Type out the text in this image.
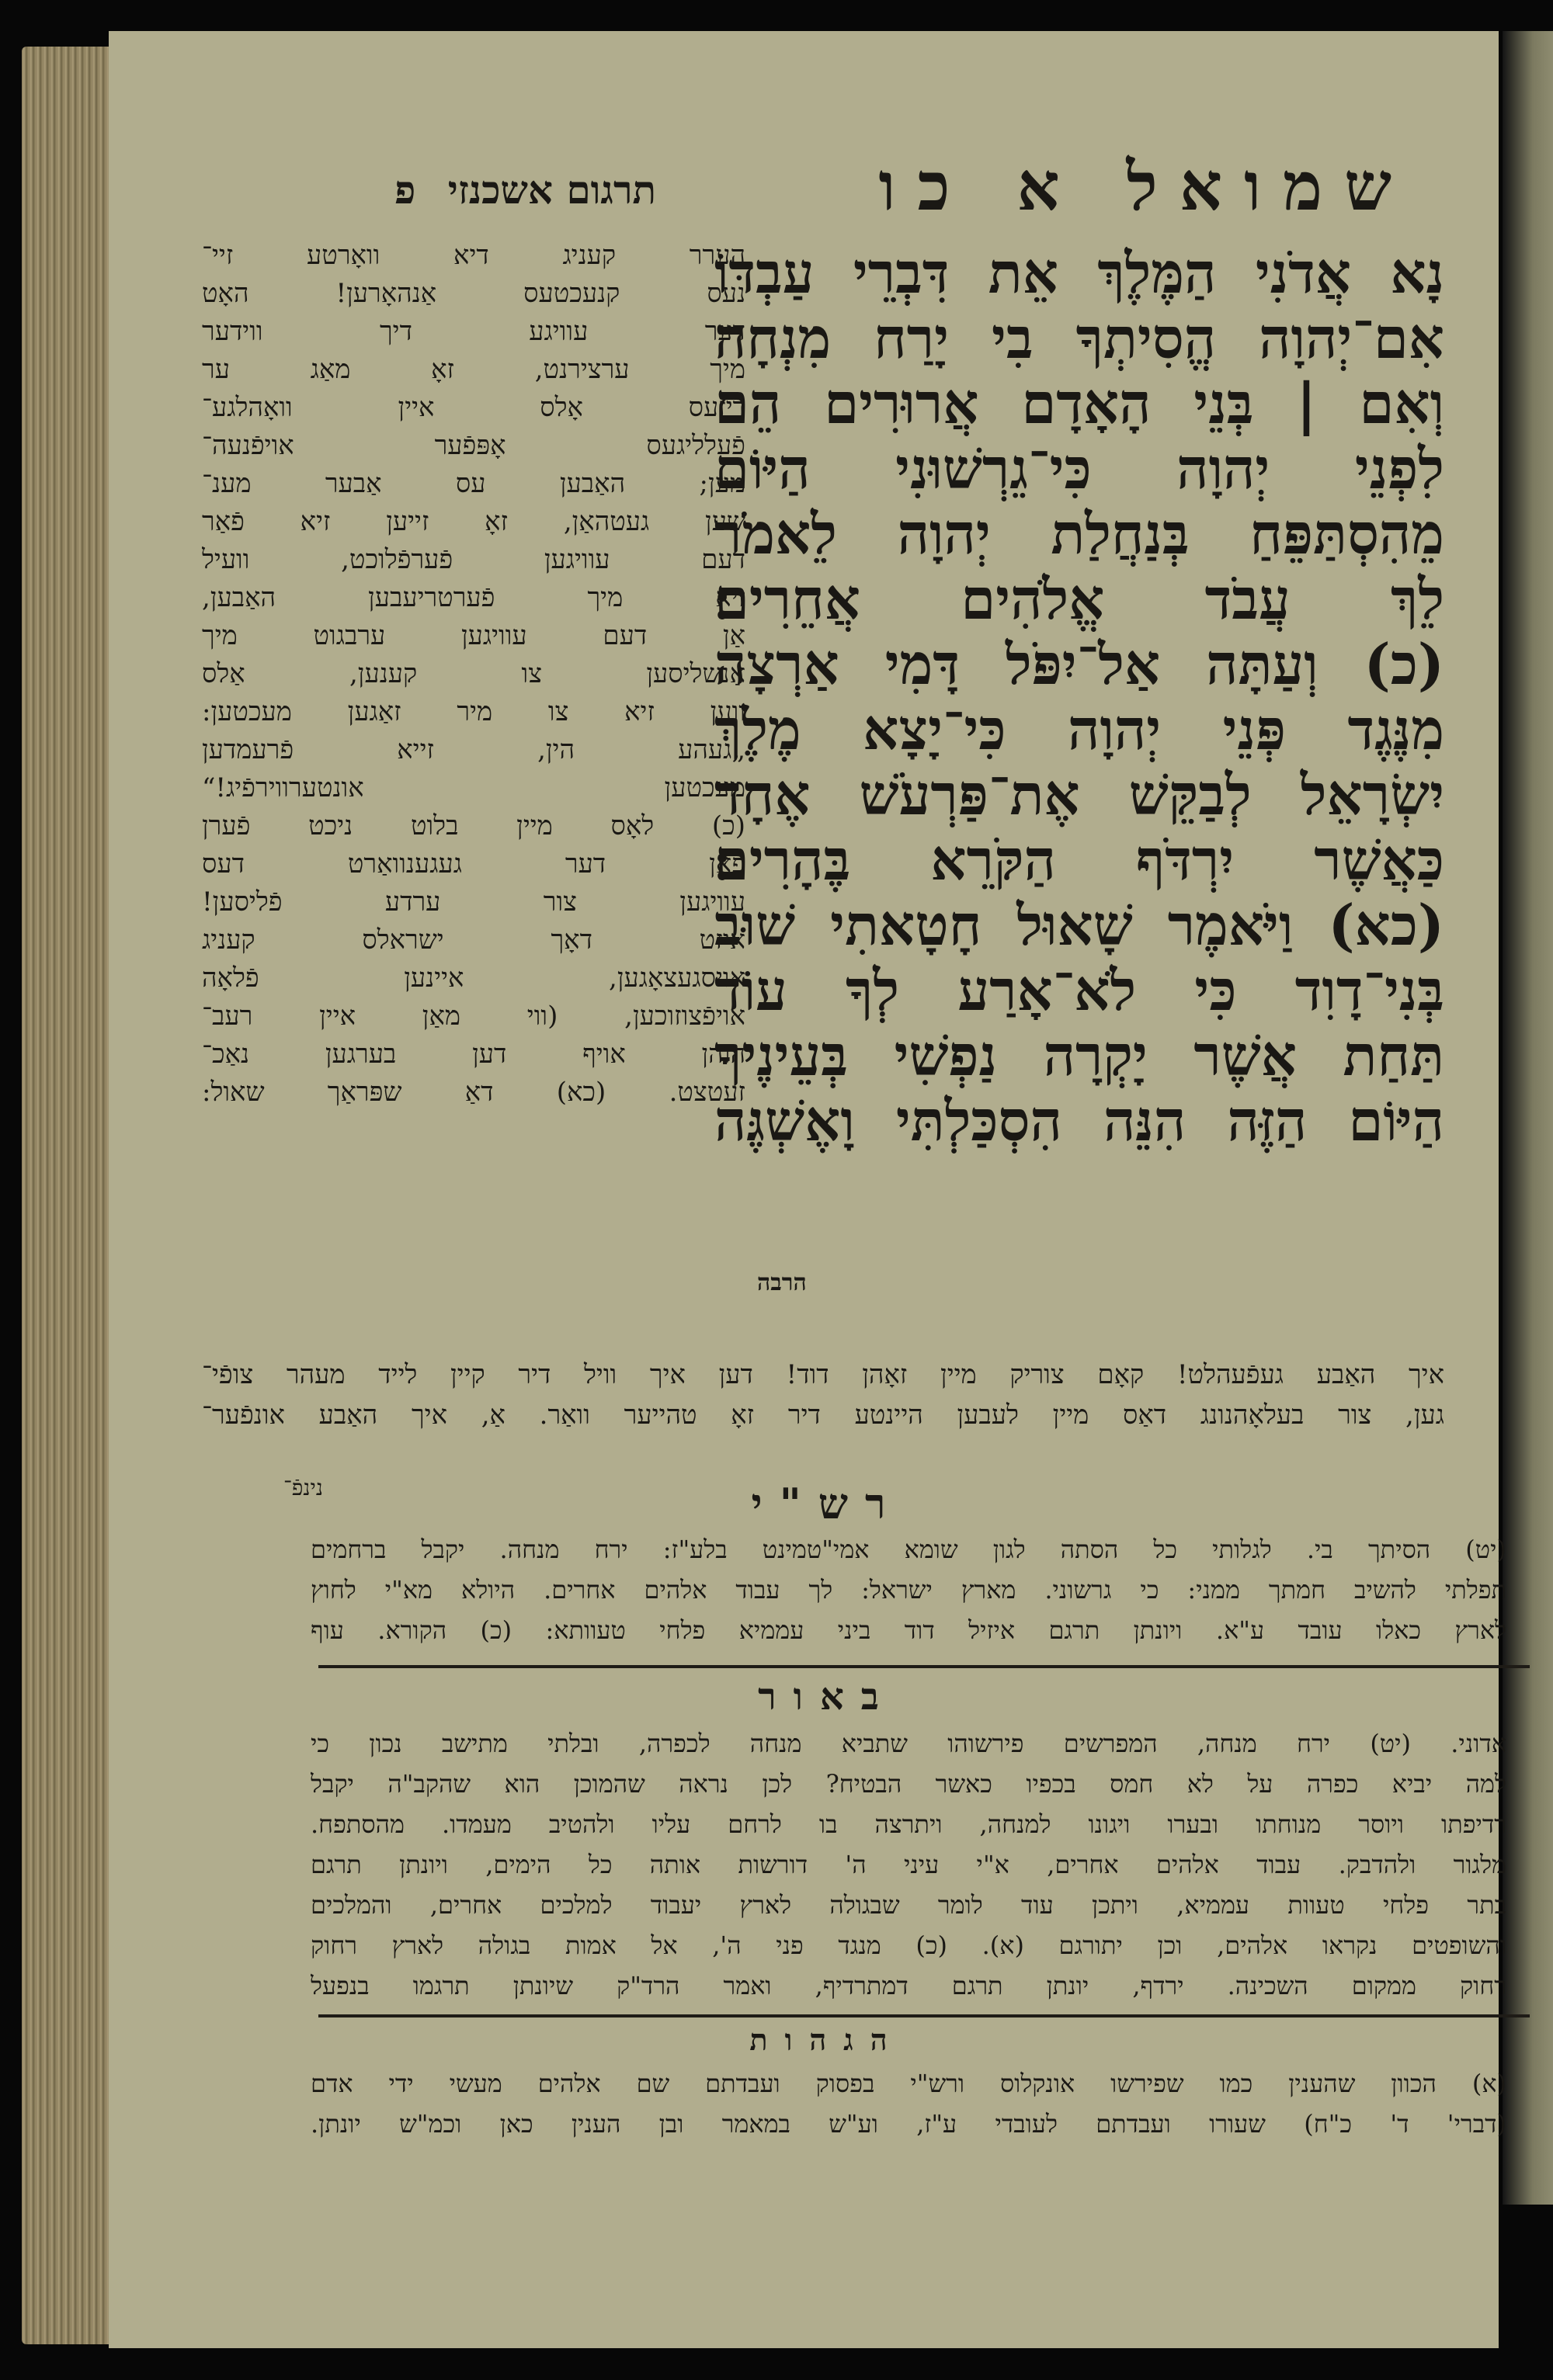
שמואל א כו
תרגום אשכנזי פ
נָא אֲדֹנִי הַמֶּלֶךְ אֵת דִּבְרֵי עַבְדּוֹ
אִם־יְהוָה הֱסִיתְךָ בִי יָרַח מִנְחָה
וְאִם | בְּנֵי הָאָדָם אֲרוּרִים הֵם
לִפְנֵי יְהוָה כִּי־גֵרְשׁוּנִי הַיּוֹם
מֵהִסְתַּפֵּחַ בְּנַחֲלַת יְהוָה לֵאמֹר
לֵךְ עֲבֹד אֱלֹהִים אֲחֵרִים׃
(כ) וְעַתָּה אַל־יִפֹּל דָּמִי אַרְצָה
מִנֶּגֶד פְּנֵי יְהוָה כִּי־יָצָא מֶלֶךְ
יִשְׂרָאֵל לְבַקֵּשׁ אֶת־פַּרְעֹשׁ אֶחָד
כַּאֲשֶׁר יִרְדֹּף הַקֹּרֵא בֶּהָרִים׃
(כא) וַיֹּאמֶר שָׁאוּל חָטָאתִי שׁוּב
בְּנִי־דָוִד כִּי לֹא־אָרַע לְךָ עוֹד
תַּחַת אֲשֶׁר יָקְרָה נַפְשִׁי בְּעֵינֶיךָ
הַיּוֹם הַזֶּה הִנֵּה הִסְכַּלְתִּי וָאֶשְׁגֶּה
הרבה
הערר קעניג דיא וואָרטע זיי־
נעס קנעכטעס אַנהאָרען! האָט
דער עוויגע דיך ווידער
מיך ערצירנט, זאָ מאַג ער
דיזעס אָלס איין וואָהלגע־
פֿעלליגעס אָפּפֿער אויפֿנעה־
מען; האַבען עס אַבער מענ־
שען געטהאַן, זאָ זייען זיא פֿאַר
דעם עוויגען פֿערפֿלוכט, וועיל
זיא מיך פֿערטריעבען האַבען,
אַן דעם עוויגען ערבגוט מיך
אַנשליסען צו קענען, אַלס
ווען זיא צו מיר זאַגען מעכטען:
„געהע הין, זייא פֿרעמדען
מעכטען אונטערווירפֿיג!“
(כ) לאָס מיין בלוט ניכט פֿערן
פֿאָן דער געגענוואַרט דעס
עוויגען צור ערדע פֿליסען!
איזט דאָך ישראלס קעניג
אויסגעצאָגען, איינען פֿלאָה
אויפֿצוזוכען, (ווי מאַן איין רעב־
הוהן אויף דען בערגען נאַכ־
זעטצט. (כא) דאַ שפּראַך שאול:
איך האַבע געפֿעהלט! קאָם צוריק מיין זאָהן דוד! דען איך וויל דיר קיין לייד מעהר צופֿי־
גען, צור בעלאָהנונג דאַס מיין לעבען היינטע דיר זאָ טהייער וואַר. אַ, איך האַבע אונפֿער־
נינפֿ־	רש"י
(יט) הסיתך בי. לגלותי כל הסתה לגון שומא אמי"טמינט בלע"ז: ירח מנחה. יקבל ברחמים
תפלתי להשיב חמתך ממני: כי גרשוני. מארץ ישראל: לך עבוד אלהים אחרים. היולא מא"י לחוץ
לארץ כאלו עובד ע"א. ויונתן תרגם איזיל דוד ביני עממיא פלחי טעוותא: (כ) הקורא. עוף
באור
אדוני. (יט) ירח מנחה, המפרשים פירשוהו שתביא מנחה לכפרה, ובלתי מתישב נכון כי
למה יביא כפרה על לא חמס בכפיו כאשר הבטיח? לכן נראה שהמוכן הוא שהקב"ה יקבל
רדיפתו ויוסר מנוחתו ובערו ויגונו למנחה, ויתרצה בו לרחם עליו ולהטיב מעמדו. מהסתפח.
מלגור ולהדבק. עבוד אלהים אחרים, א"י עיני ה' דורשות אותה כל הימים, ויונתן תרגם
בתר פלחי טעוות עממיא, ויתכן עוד לומר שבגולה לארץ יעבוד למלכים אחרים, והמלכים
והשופטים נקראו אלהים, וכן יתורגם (א). (כ) מנגד פני ה', אל אמות בגולה לארץ רחוק
רחוק ממקום השכינה. ירדף, יונתן תרגם דמתרדיף, ואמר הרד"ק שיונתן תרגמו בנפעל
הגהות
(א) הכוון שהענין כמו שפירשו אונקלוס ורש"י בפסוק ועבדתם שם אלהים מעשי ידי אדם
(דברי' ד' כ"ח) שעורו ועבדתם לעובדי ע"ז, וע"ש במאמר ובן הענין כאן וכמ"ש יונתן.
